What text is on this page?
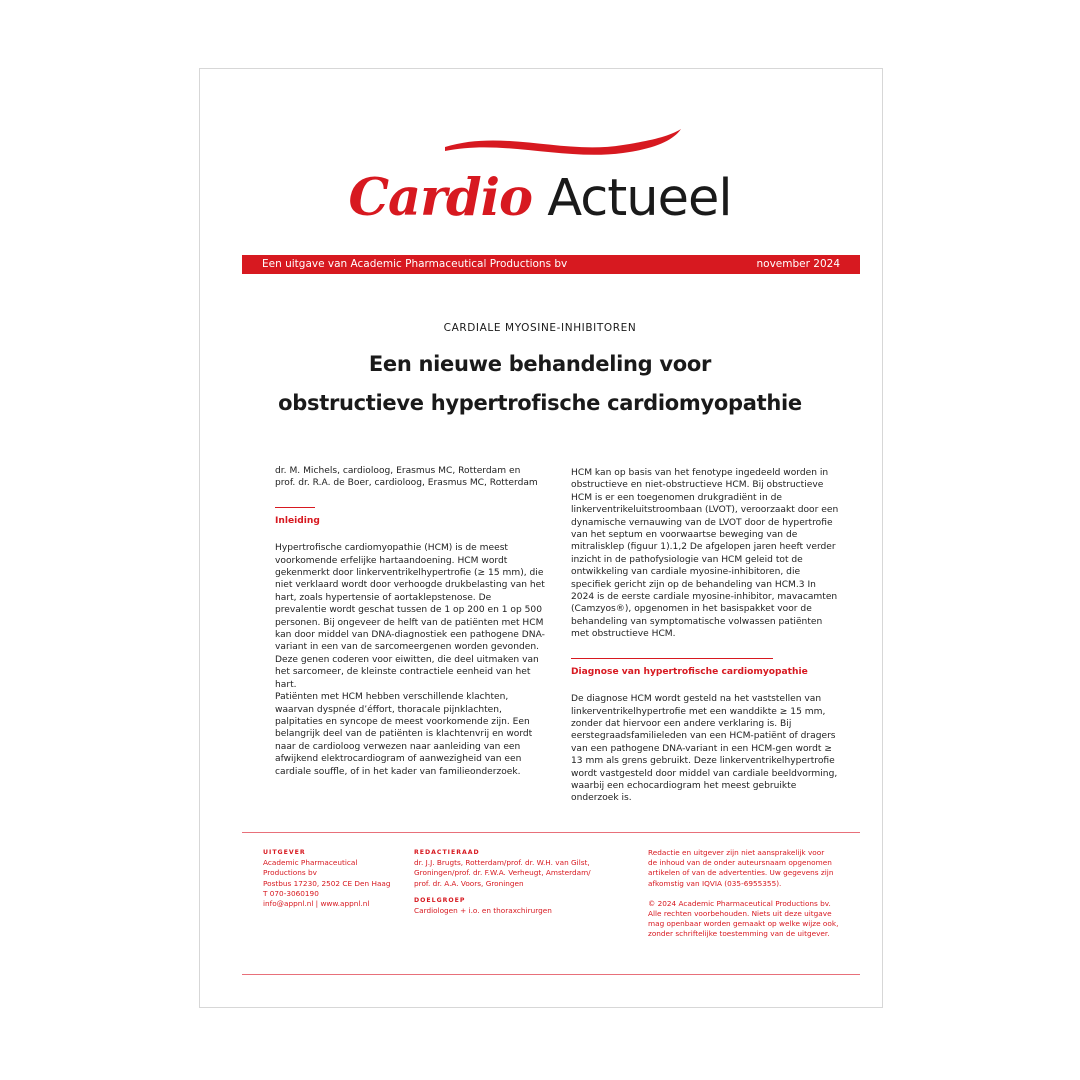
Cardio Actueel
Een uitgave van Academic Pharmaceutical Productions bv	november 2024
CARDIALE MYOSINE-INHIBITOREN
Een nieuwe behandeling voor
obstructieve hypertrofische cardiomyopathie

dr. M. Michels, cardioloog, Erasmus MC, Rotterdam en

prof. dr. R.A. de Boer, cardioloog, Erasmus MC, Rotterdam

Inleiding

Hypertrofische cardiomyopathie (HCM) is de meest voorkomende erfelijke hartaandoening. HCM wordt gekenmerkt door linkerventrikelhypertrofie (≥ 15 mm), die niet verklaard wordt door verhoogde drukbelasting van het hart, zoals hypertensie of aortaklepstenose. De prevalentie wordt geschat tussen de 1 op 200 en 1 op 500 personen. Bij ongeveer de helft van de patiënten met HCM kan door middel van DNA-diagnostiek een pathogene DNA-variant in een van de sarcomeergenen worden gevonden. Deze genen coderen voor eiwitten, die deel uitmaken van het sarcomeer, de kleinste contractiele eenheid van het hart.

Patiënten met HCM hebben verschillende klachten, waarvan dyspnée d’éffort, thoracale pijnklachten, palpitaties en syncope de meest voorkomende zijn. Een belangrijk deel van de patiënten is klachtenvrij en wordt naar de cardioloog verwezen naar aanleiding van een afwijkend elektrocardiogram of aanwezigheid van een cardiale souffle, of in het kader van familieonderzoek.

HCM kan op basis van het fenotype ingedeeld worden in obstructieve en niet-obstructieve HCM. Bij obstructieve HCM is er een toegenomen drukgradiënt in de linkerventrikeluitstroombaan (LVOT), veroorzaakt door een dynamische vernauwing van de LVOT door de hypertrofie van het septum en voorwaartse beweging van de mitralisklep (figuur 1).1,2 De afgelopen jaren heeft verder inzicht in de pathofysiologie van HCM geleid tot de ontwikkeling van cardiale myosine-inhibitoren, die specifiek gericht zijn op de behandeling van HCM.3 In 2024 is de eerste cardiale myosine-inhibitor, mavacamten (Camzyos®), opgenomen in het basispakket voor de behandeling van symptomatische volwassen patiënten met obstructieve HCM.

Diagnose van hypertrofische cardiomyopathie

De diagnose HCM wordt gesteld na het vaststellen van linkerventrikelhypertrofie met een wanddikte ≥ 15 mm, zonder dat hiervoor een andere verklaring is. Bij eerstegraadsfamilieleden van een HCM-patiënt of dragers van een pathogene DNA-variant in een HCM-gen wordt ≥ 13 mm als grens gebruikt. Deze linkerventrikelhypertrofie wordt vastgesteld door middel van cardiale beeldvorming, waarbij een echocardiogram het meest gebruikte onderzoek is.

UITGEVER

Academic Pharmaceutical

Productions bv

Postbus 17230, 2502 CE Den Haag

T 070-3060190

info@appnl.nl | www.appnl.nl

REDACTIERAAD

dr. J.J. Brugts, Rotterdam/prof. dr. W.H. van Gilst,

Groningen/prof. dr. F.W.A. Verheugt, Amsterdam/

prof. dr. A.A. Voors, Groningen

DOELGROEP

Cardiologen + i.o. en thoraxchirurgen

Redactie en uitgever zijn niet aansprakelijk voor

de inhoud van de onder auteursnaam opgenomen

artikelen of van de advertenties. Uw gegevens zijn

afkomstig van IQVIA (035-6955355).

© 2024 Academic Pharmaceutical Productions bv.

Alle rechten voorbehouden. Niets uit deze uitgave

mag openbaar worden gemaakt op welke wijze ook,

zonder schriftelijke toestemming van de uitgever.
